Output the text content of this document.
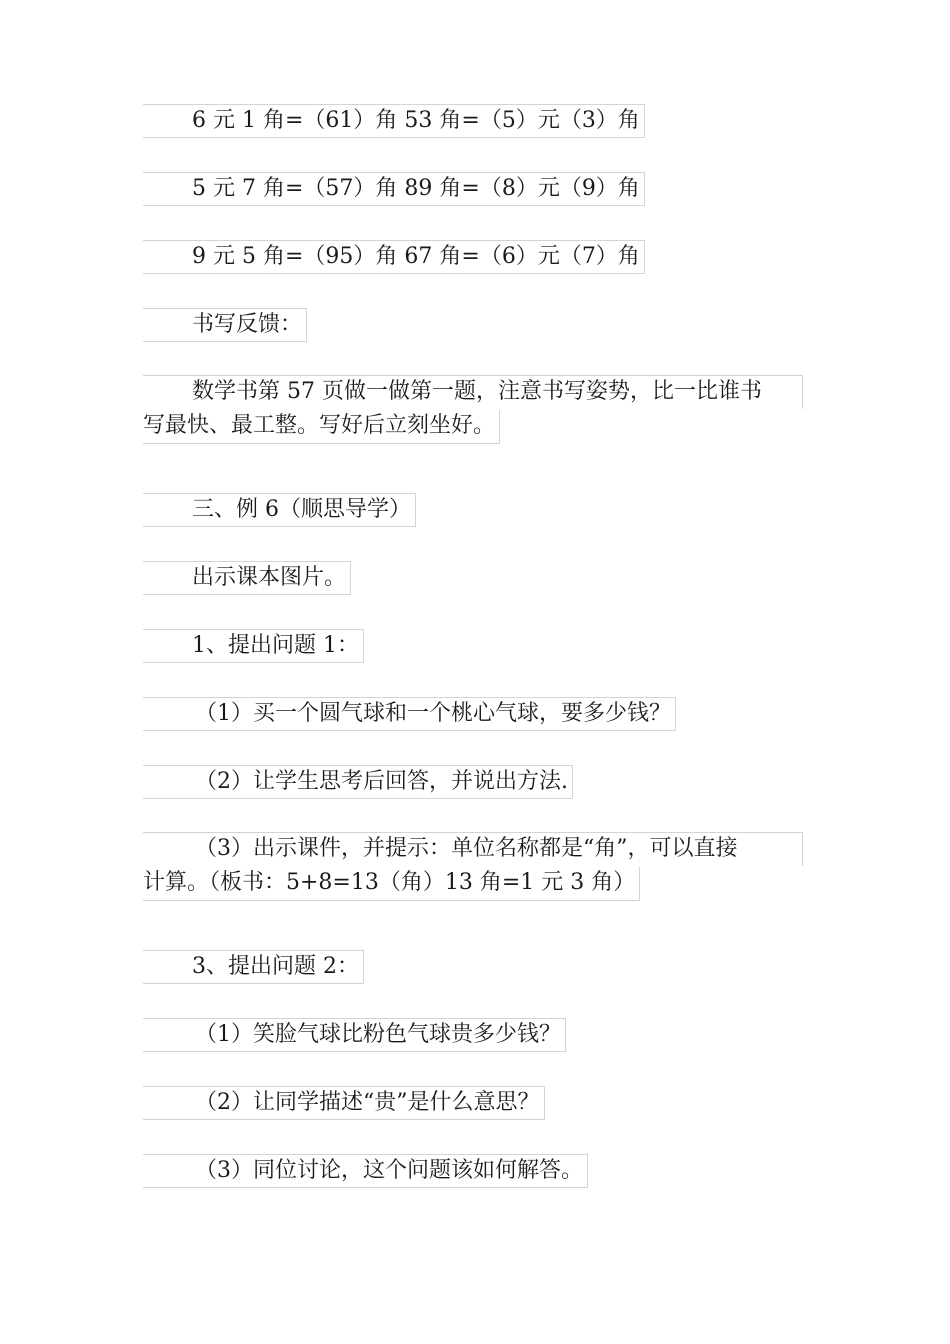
6 元 1 角=（61）角 53 角=（5）元（3）角
5 元 7 角=（57）角 89 角=（8）元（9）角
9 元 5 角=（95）角 67 角=（6）元（7）角
书写反馈：
数学书第 57 页做一做第一题，注意书写姿势，比一比谁书
写最快、最工整。写好后立刻坐好。
三、例 6（顺思导学）
出示课本图片。
1、提出问题 1：
（1）买一个圆气球和一个桃心气球，要多少钱？
（2）让学生思考后回答，并说出方法.
（3）出示课件，并提示：单位名称都是“角”，可以直接
计算。（板书：5+8=13（角）13 角=1 元 3 角）
3、提出问题 2：
（1）笑脸气球比粉色气球贵多少钱？
（2）让同学描述“贵”是什么意思？
（3）同位讨论，这个问题该如何解答。
